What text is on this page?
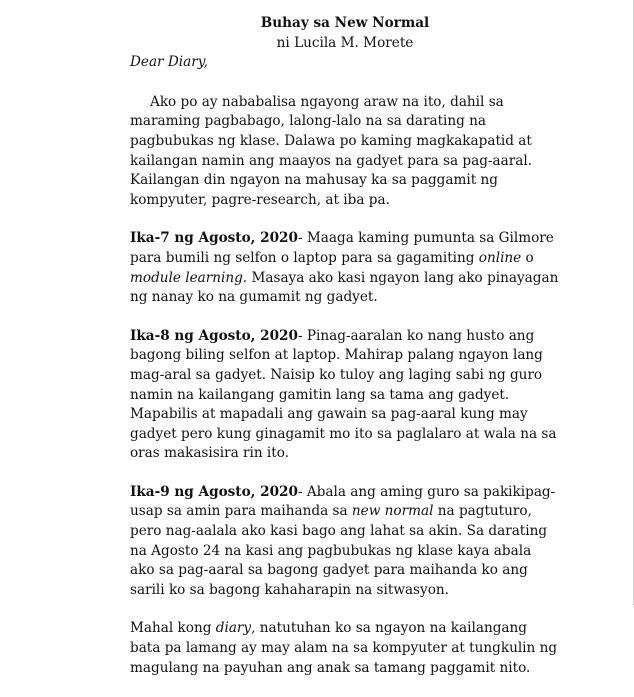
Buhay sa New Normal

ni Lucila M. Morete

Dear Diary,

Ako po ay nababalisa ngayong araw na ito, dahil sa maraming pagbabago, lalong-lalo na sa darating na pagbubukas ng klase. Dalawa po kaming magkakapatid at kailangan namin ang maayos na gadyet para sa pag-aaral. Kailangan din ngayon na mahusay ka sa paggamit ng kompyuter, pagre-research, at iba pa.

Ika-7 ng Agosto, 2020- Maaga kaming pumunta sa Gilmore para bumili ng selfon o laptop para sa gagamiting online o module learning. Masaya ako kasi ngayon lang ako pinayagan ng nanay ko na gumamit ng gadyet.

Ika-8 ng Agosto, 2020- Pinag-aaralan ko nang husto ang bagong biling selfon at laptop. Mahirap palang ngayon lang mag-aral sa gadyet. Naisip ko tuloy ang laging sabi ng guro namin na kailangang gamitin lang sa tama ang gadyet. Mapabilis at mapadali ang gawain sa pag-aaral kung may gadyet pero kung ginagamit mo ito sa paglalaro at wala na sa oras makasisira rin ito.

Ika-9 ng Agosto, 2020- Abala ang aming guro sa pakikipag-usap sa amin para maihanda sa new normal na pagtuturo, pero nag-aalala ako kasi bago ang lahat sa akin. Sa darating na Agosto 24 na kasi ang pagbubukas ng klase kaya abala ako sa pag-aaral sa bagong gadyet para maihanda ko ang sarili ko sa bagong kahaharapin na sitwasyon.

Mahal kong diary, natutuhan ko sa ngayon na kailangang bata pa lamang ay may alam na sa kompyuter at tungkulin ng magulang na payuhan ang anak sa tamang paggamit nito.
